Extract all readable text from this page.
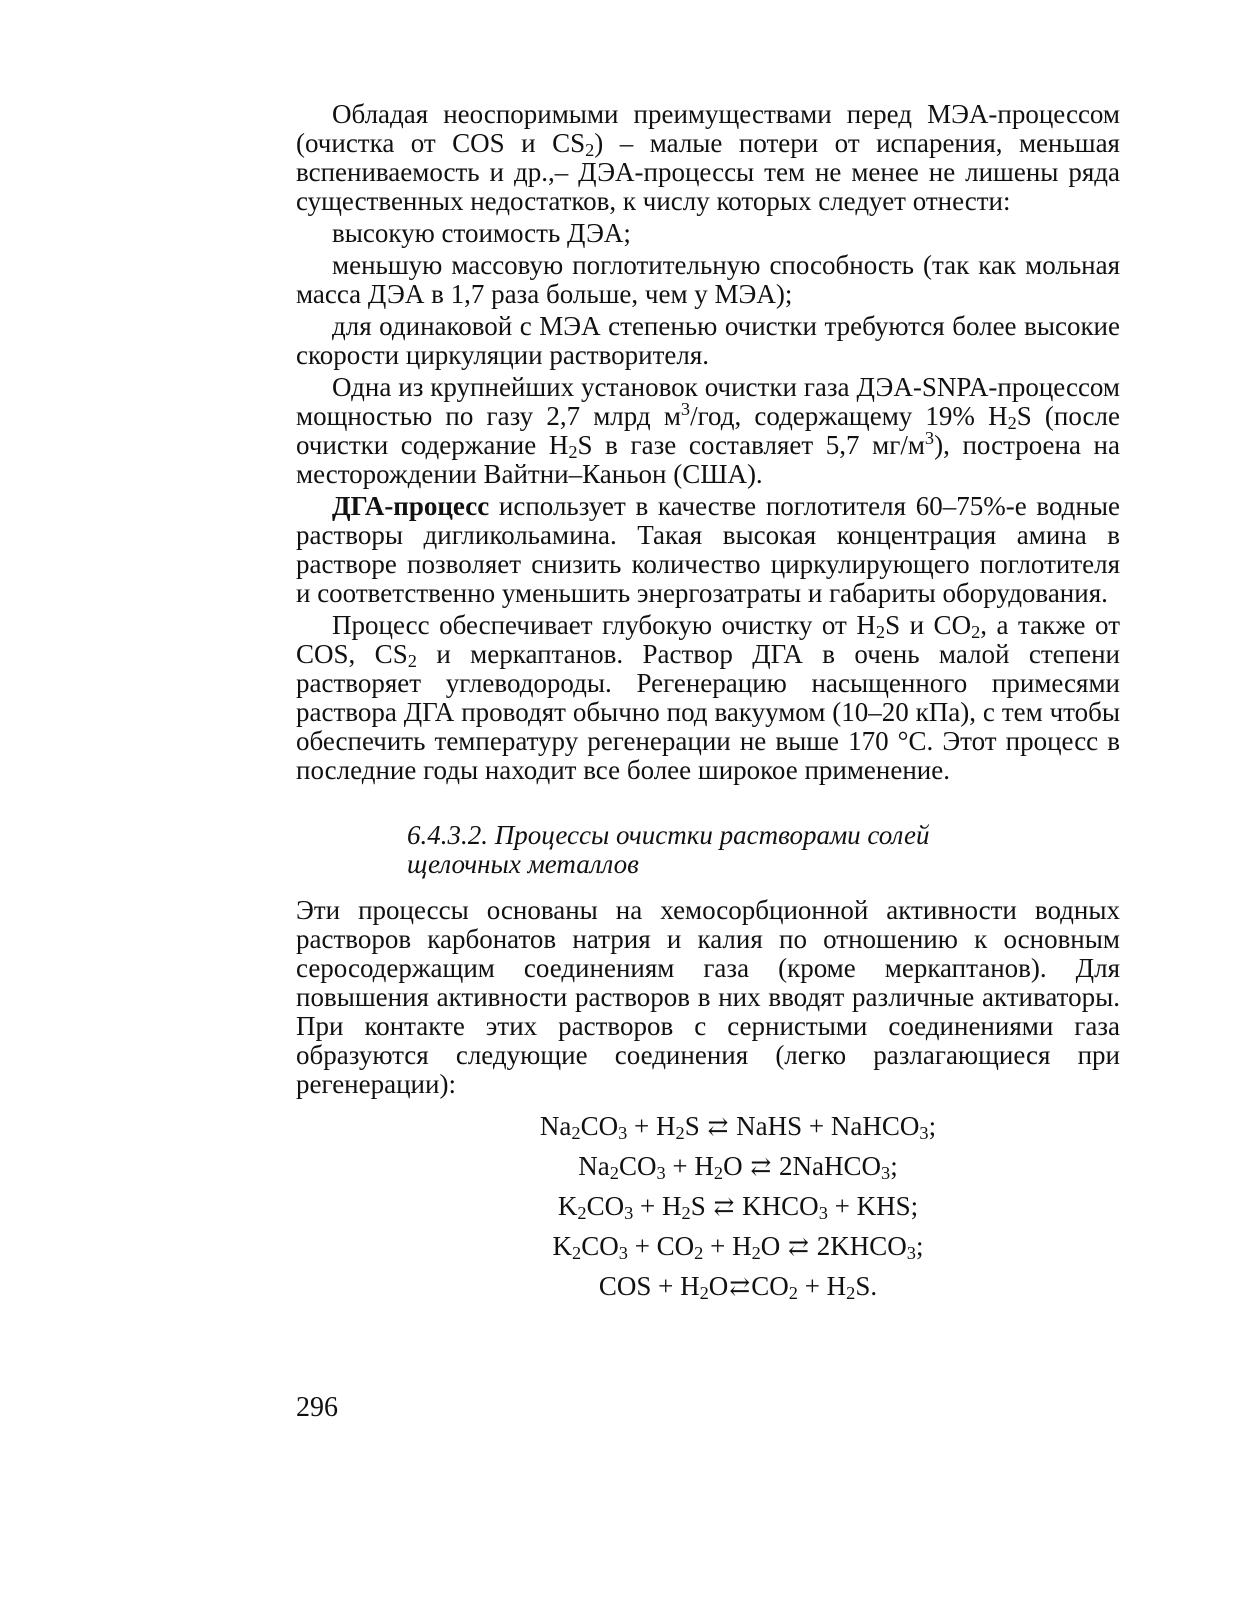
Обладая неоспоримыми преимуществами перед МЭА-процессом (очистка от COS и $CS_2$) – малые потери от испарения, меньшая вспениваемость и др.,– ДЭА-процессы тем не менее не лишены ряда существенных недостатков, к числу которых следует отнести:

высокую стоимость ДЭА;

меньшую массовую поглотительную способность (так как мольная масса ДЭА в 1,7 раза больше, чем у МЭА);

для одинаковой с МЭА степенью очистки требуются более высокие скорости циркуляции растворителя.

Одна из крупнейших установок очистки газа ДЭА-SNPA-процессом мощностью по газу 2,7 млрд $м^3$/год, содержащему 19% $H_2S$ (после очистки содержание $H_2S$ в газе составляет 5,7 $мг/м^3$), построена на месторождении Вайтни–Каньон (США).

ДГА-процесс использует в качестве поглотителя 60–75%-е водные растворы дигликольамина. Такая высокая концентрация амина в растворе позволяет снизить количество циркулирующего поглотителя и соответственно уменьшить энергозатраты и габариты оборудования.

Процесс обеспечивает глубокую очистку от $H_2S$ и $CO_2$, а также от COS, $CS_2$ и меркаптанов. Раствор ДГА в очень малой степени растворяет углеводороды. Регенерацию насыщенного примесями раствора ДГА проводят обычно под вакуумом (10–20 кПа), с тем чтобы обеспечить температуру регенерации не выше 170 °C. Этот процесс в последние годы находит все более широкое применение.

6.4.3.2. Процессы очистки растворами солей
щелочных металлов

Эти процессы основаны на хемосорбционной активности водных растворов карбонатов натрия и калия по отношению к основным серосодержащим соединениям газа (кроме меркаптанов). Для повышения активности растворов в них вводят различные активаторы. При контакте этих растворов с сернистыми соединениями газа образуются следующие соединения (легко разлагающиеся при регенерации):

$Na_2CO_3 + H_2S$ ⇄ NaHS + NaHCO$_3$;

$Na_2CO_3 + H_2O$ ⇄ 2NaHCO$_3$;

$K_2CO_3 + H_2S$ ⇄ $KHCO_3$ + KHS;

$K_2CO_3 + CO_2 + H_2O$ ⇄ $2KHCO_3$;

COS + $H_2O⇄CO_2 + H_2S$.

296
